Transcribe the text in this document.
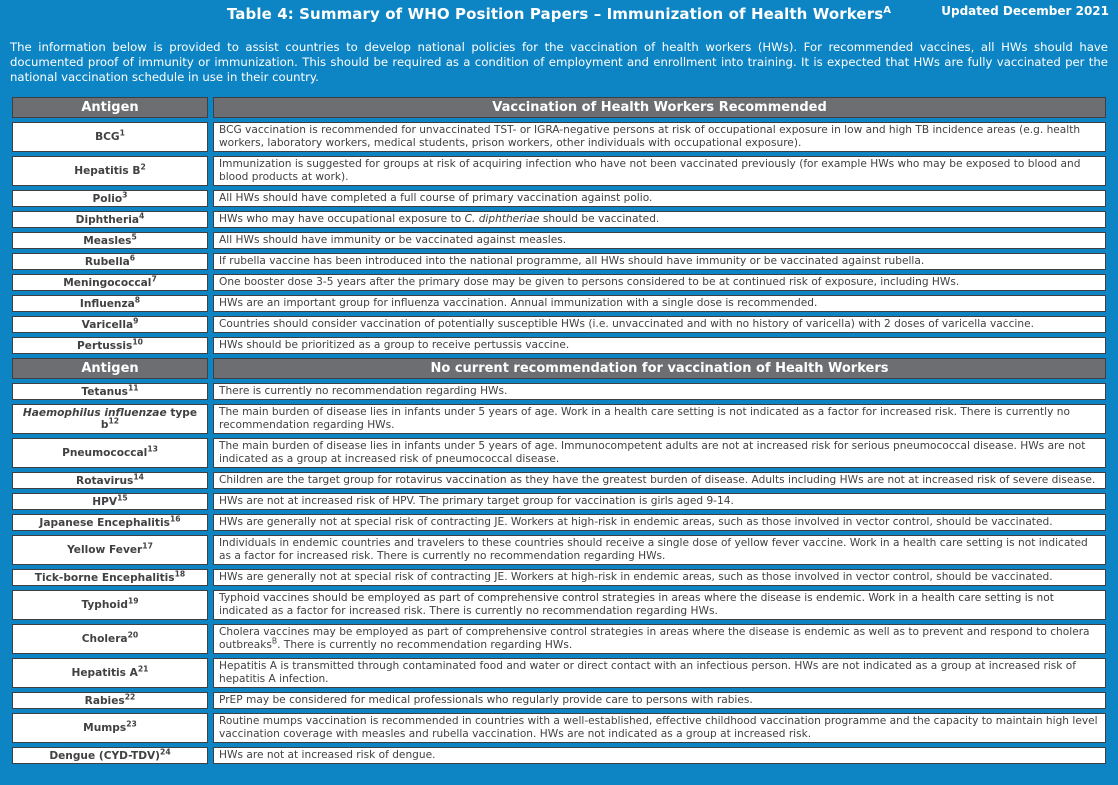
Table 4: Summary of WHO Position Papers – Immunization of Health Workers$^A$	Updated December 2021

The information below is provided to assist countries to develop national policies for the vaccination of health workers (HWs). For recommended vaccines, all HWs should have documented proof of immunity or immunization. This should be required as a condition of employment and enrollment into training. It is expected that HWs are fully vaccinated per the national vaccination schedule in use in their country.

Antigen	Vaccination of Health Workers Recommended
BCG$^1$	BCG vaccination is recommended for unvaccinated TST- or IGRA-negative persons at risk of occupational exposure in low and high TB incidence areas (e.g. health workers, laboratory workers, medical students, prison workers, other individuals with occupational exposure).
Hepatitis $B^2$	Immunization is suggested for groups at risk of acquiring infection who have not been vaccinated previously (for example HWs who may be exposed to blood and blood products at work).
Polio$^3$	All HWs should have completed a full course of primary vaccination against polio.
Diphtheria$^4$	HWs who may have occupational exposure to C. diphtheriae should be vaccinated.
Measles$^5$	All HWs should have immunity or be vaccinated against measles.
Rubella$^6$	If rubella vaccine has been introduced into the national programme, all HWs should have immunity or be vaccinated against rubella.
Meningococcal$^7$	One booster dose 3-5 years after the primary dose may be given to persons considered to be at continued risk of exposure, including HWs.
Influenza$^8$	HWs are an important group for influenza vaccination. Annual immunization with a single dose is recommended.
Varicella$^9$	Countries should consider vaccination of potentially susceptible HWs (i.e. unvaccinated and with no history of varicella) with 2 doses of varicella vaccine.
Pertussis$^{10}$	HWs should be prioritized as a group to receive pertussis vaccine.
Antigen	No current recommendation for vaccination of Health Workers
Tetanus$^{11}$	There is currently no recommendation regarding HWs.
Haemophilus influenzae type $b^{12}$	The main burden of disease lies in infants under 5 years of age. Work in a health care setting is not indicated as a factor for increased risk. There is currently no recommendation regarding HWs.
Pneumococcal$^{13}$	The main burden of disease lies in infants under 5 years of age. Immunocompetent adults are not at increased risk for serious pneumococcal disease. HWs are not indicated as a group at increased risk of pneumococcal disease.
Rotavirus$^{14}$	Children are the target group for rotavirus vaccination as they have the greatest burden of disease. Adults including HWs are not at increased risk of severe disease.
HPV$^{15}$	HWs are not at increased risk of HPV. The primary target group for vaccination is girls aged 9-14.
Japanese Encephalitis$^{16}$	HWs are generally not at special risk of contracting JE. Workers at high-risk in endemic areas, such as those involved in vector control, should be vaccinated.
Yellow Fever$^{17}$	Individuals in endemic countries and travelers to these countries should receive a single dose of yellow fever vaccine. Work in a health care setting is not indicated as a factor for increased risk. There is currently no recommendation regarding HWs.
Tick-borne Encephalitis$^{18}$	HWs are generally not at special risk of contracting JE. Workers at high-risk in endemic areas, such as those involved in vector control, should be vaccinated.
Typhoid$^{19}$	Typhoid vaccines should be employed as part of comprehensive control strategies in areas where the disease is endemic. Work in a health care setting is not indicated as a factor for increased risk. There is currently no recommendation regarding HWs.
Cholera$^{20}$	Cholera vaccines may be employed as part of comprehensive control strategies in areas where the disease is endemic as well as to prevent and respond to cholera outbreaks$^B$. There is currently no recommendation regarding HWs.
Hepatitis $A^{21}$	Hepatitis A is transmitted through contaminated food and water or direct contact with an infectious person. HWs are not indicated as a group at increased risk of hepatitis A infection.
Rabies$^{22}$	PrEP may be considered for medical professionals who regularly provide care to persons with rabies.
Mumps$^{23}$	Routine mumps vaccination is recommended in countries with a well-established, effective childhood vaccination programme and the capacity to maintain high level vaccination coverage with measles and rubella vaccination. HWs are not indicated as a group at increased risk.
Dengue $(CYD-TDV)^{24}$	HWs are not at increased risk of dengue.
